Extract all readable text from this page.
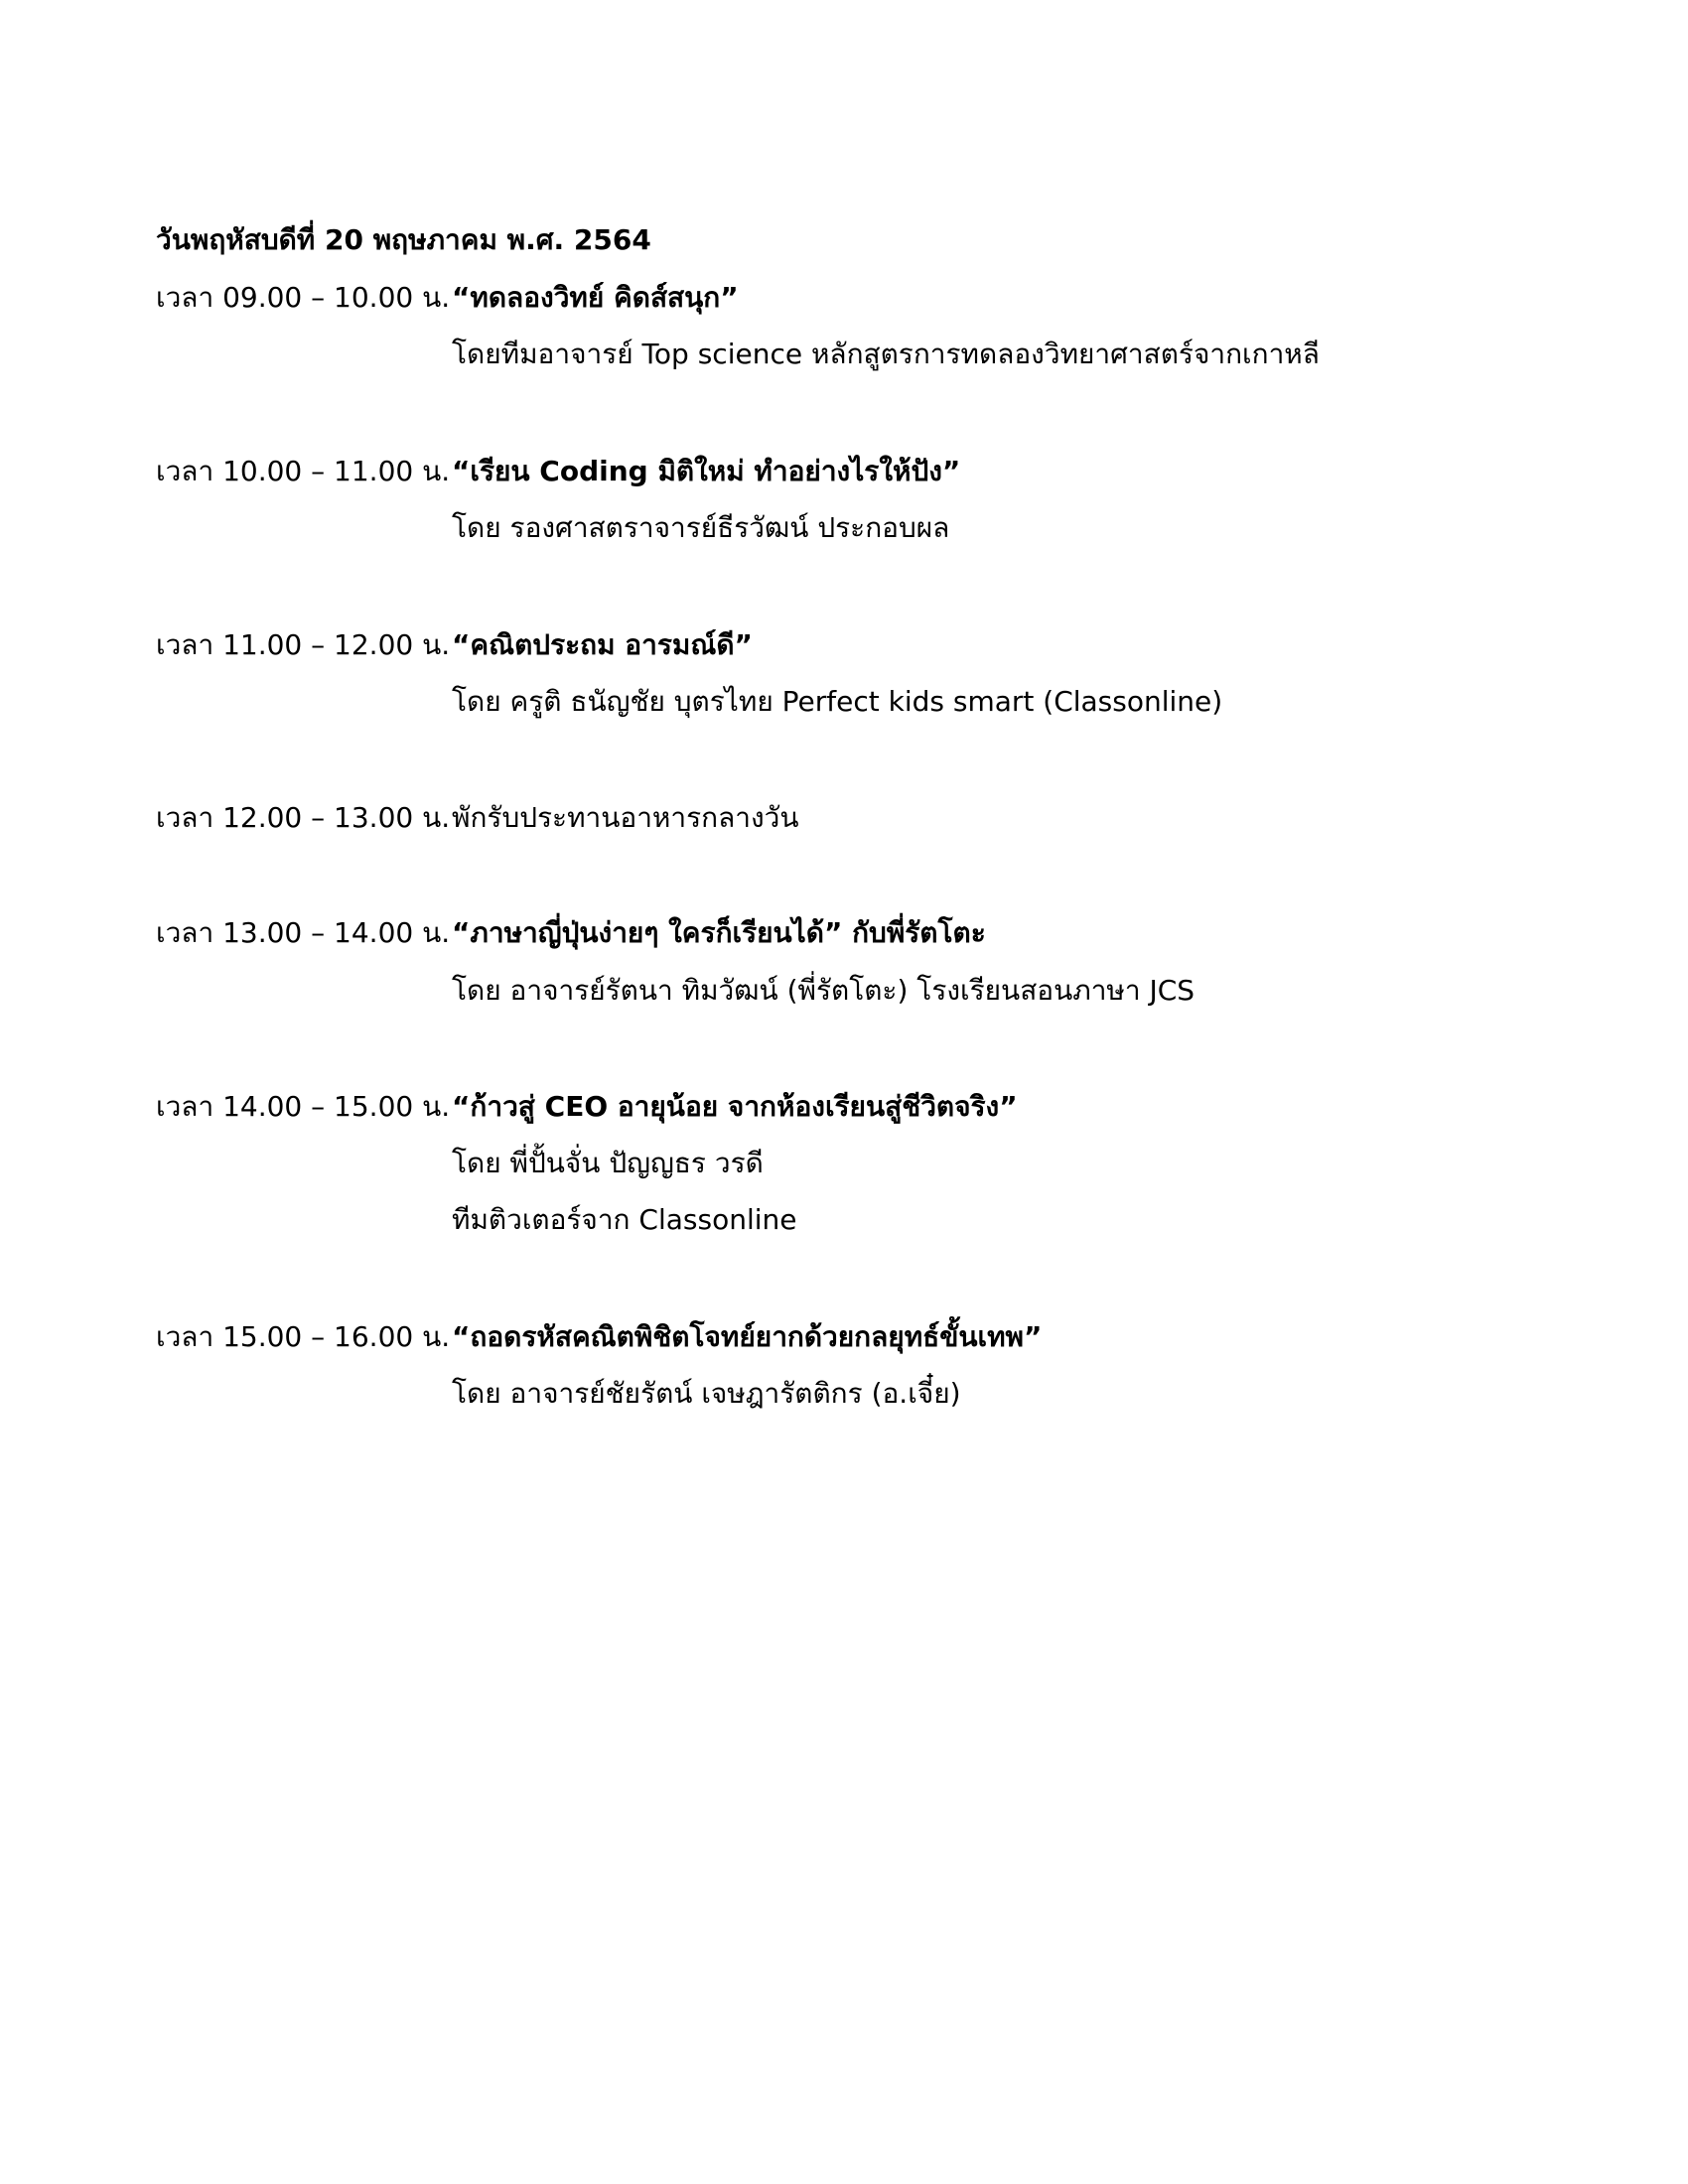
วันพฤหัสบดีที่ 20 พฤษภาคม พ.ศ. 2564
เวลา 09.00 – 10.00 น. “ทดลองวิทย์ คิดส์สนุก”
โดยทีมอาจารย์ Top science หลักสูตรการทดลองวิทยาศาสตร์จากเกาหลี
เวลา 10.00 – 11.00 น. “เรียน Coding มิติใหม่ ทำอย่างไรให้ปัง”
โดย รองศาสตราจารย์ธีรวัฒน์ ประกอบผล
เวลา 11.00 – 12.00 น. “คณิตประถม อารมณ์ดี”
โดย ครูติ ธนัญชัย บุตรไทย Perfect kids smart (Classonline)
เวลา 12.00 – 13.00 น. พักรับประทานอาหารกลางวัน
เวลา 13.00 – 14.00 น. “ภาษาญี่ปุ่นง่ายๆ ใครก็เรียนได้” กับพี่รัตโตะ
โดย อาจารย์รัตนา ทิมวัฒน์ (พี่รัตโตะ) โรงเรียนสอนภาษา JCS
เวลา 14.00 – 15.00 น. “ก้าวสู่ CEO อายุน้อย จากห้องเรียนสู่ชีวิตจริง”
โดย พี่ปั้นจั่น ปัญญธร วรดี
ทีมติวเตอร์จาก Classonline
เวลา 15.00 – 16.00 น. “ถอดรหัสคณิตพิชิตโจทย์ยากด้วยกลยุทธ์ขั้นเทพ”
โดย อาจารย์ชัยรัตน์ เจษฎารัตติกร (อ.เจี๋ย)
